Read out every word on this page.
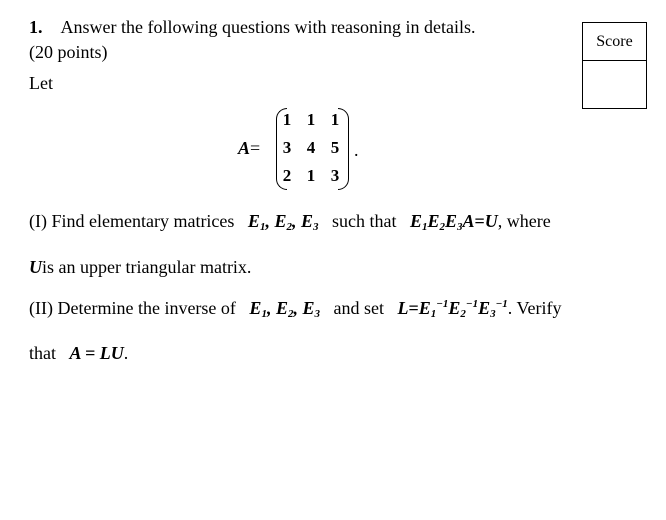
1. Answer the following questions with reasoning in details.
(20 points)
Let
Score
A=
1 1 1
3 4 5
2 1 3
.
(I) Find elementary matrices $E_1$, $E_2$, $E_3$ such that $E_1E_2E_3A=U$, where
Uis an upper triangular matrix.
(II) Determine the inverse of $E_1$, $E_2$, $E_3$ and set $L=E_1^{-1}E_2^{-1}E_3^{-1}$. Verify
that A = LU.
